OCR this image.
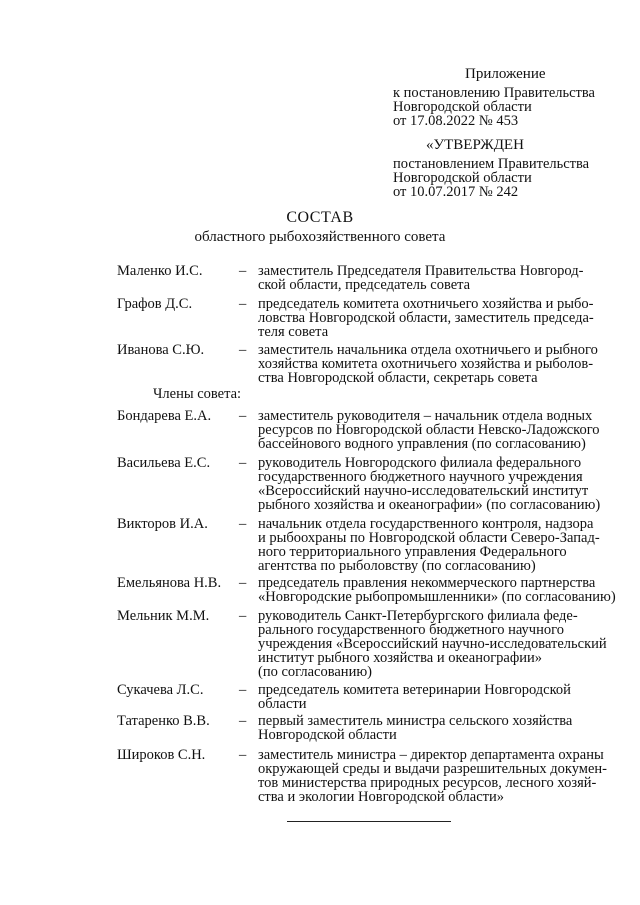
Приложение
к постановлению Правительства
Новгородской области
от 17.08.2022 № 453
«УТВЕРЖДЕН
постановлением Правительства
Новгородской области
от 10.07.2017 № 242
СОСТАВ
областного рыбохозяйственного совета
Маленко И.С.	– заместитель Председателя Правительства Новгород-
ской области, председатель совета
Графов Д.С.	– председатель комитета охотничьего хозяйства и рыбо-
ловства Новгородской области, заместитель председа-
теля совета
Иванова С.Ю. – заместитель начальника отдела охотничьего и рыбного
хозяйства комитета охотничьего хозяйства и рыболов-
ства Новгородской области, секретарь совета
Члены совета:
Бондарева Е.А. – заместитель руководителя – начальник отдела водных
ресурсов по Новгородской области Невско-Ладожского
бассейнового водного управления (по согласованию)
Васильева Е.С. – руководитель Новгородского филиала федерального
государственного бюджетного научного учреждения
«Всероссийский научно-исследовательский институт
рыбного хозяйства и океанографии» (по согласованию)
Викторов И.А. – начальник отдела государственного контроля, надзора
и рыбоохраны по Новгородской области Северо-Запад-
ного территориального управления Федерального
агентства по рыболовству (по согласованию)
Емельянова Н.В. – председатель правления некоммерческого партнерства
«Новгородские рыбопромышленники» (по согласованию)
Мельник М.М. – руководитель Санкт-Петербургского филиала феде-
рального государственного бюджетного научного
учреждения «Всероссийский научно-исследовательский
институт рыбного хозяйства и океанографии»
(по согласованию)
Сукачева Л.С. – председатель комитета ветеринарии Новгородской
области
Татаренко В.В. – первый заместитель министра сельского хозяйства
Новгородской области
Широков С.Н. – заместитель министра – директор департамента охраны
окружающей среды и выдачи разрешительных докумен-
тов министерства природных ресурсов, лесного хозяй-
ства и экологии Новгородской области»
